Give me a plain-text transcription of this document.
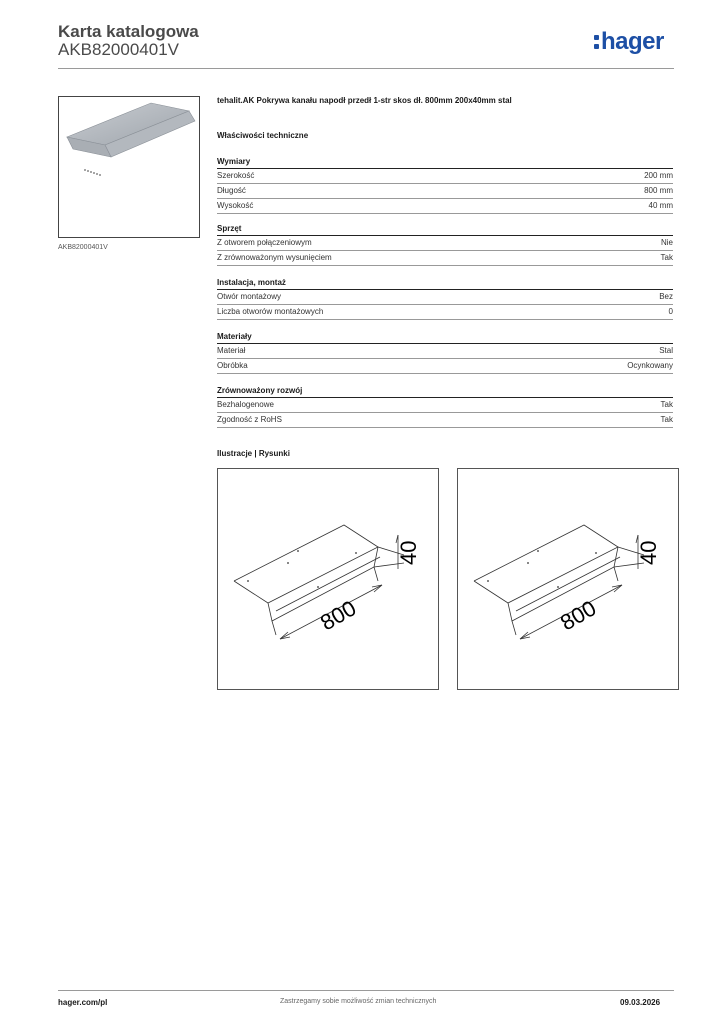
Karta katalogowa
AKB82000401V	hager
AKB82000401V
tehalit.AK Pokrywa kanału napodł przedł 1-str skos dł. 800mm 200x40mm stal
Właściwości techniczne
Wymiary
Szerokość	200 mm
Długość	800 mm
Wysokość	40 mm
Sprzęt
Z otworem połączeniowym	Nie
Z zrównoważonym wysunięciem	Tak
Instalacja, montaż
Otwór montażowy	Bez
Liczba otworów montażowych	0
Materiały
Materiał	Stal
Obróbka	Ocynkowany
Zrównoważony rozwój
Bezhalogenowe	Tak
Zgodność z RoHS	Tak
Ilustracje | Rysunki
800
40
800
40
hager.com/pl	Zastrzegamy sobie możliwość zmian technicznych	09.03.2026
